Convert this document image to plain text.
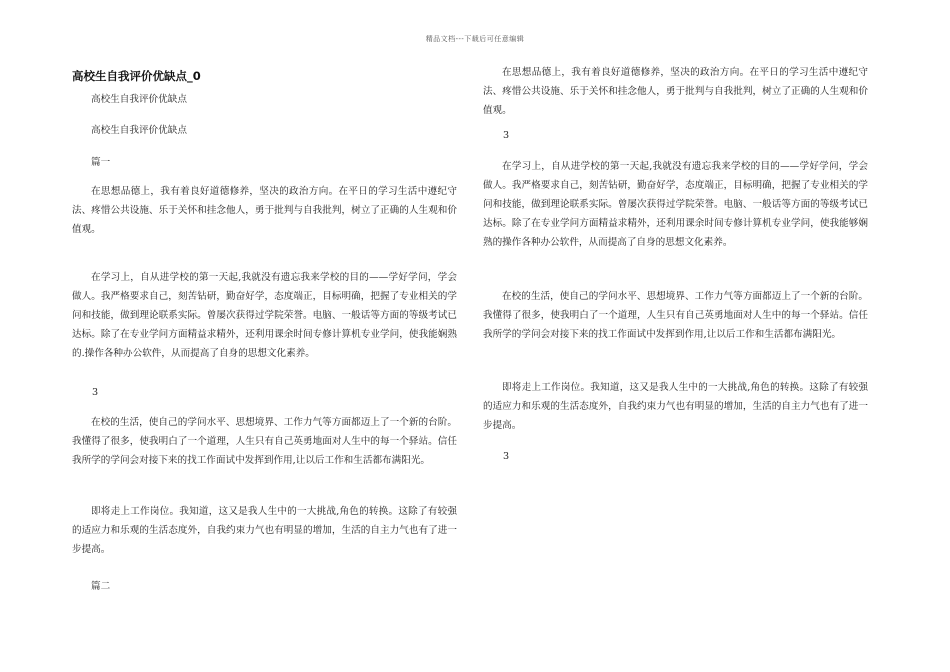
精品文档---下载后可任意编辑
高校生自我评价优缺点_0

高校生自我评价优缺点

高校生自我评价优缺点

篇一

在思想品德上，我有着良好道德修养，坚决的政治方向。在平日的学习生活中遵纪守法、疼惜公共设施、乐于关怀和挂念他人，勇于批判与自我批判，树立了正确的人生观和价值观。

在学习上，自从进学校的第一天起,我就没有遗忘我来学校的目的——学好学问，学会做人。我严格要求自己，刻苦钻研，勤奋好学，态度端正，目标明确，把握了专业相关的学问和技能，做到理论联系实际。曾屡次获得过学院荣誉。电脑、一般话等方面的等级考试已达标。除了在专业学问方面精益求精外，还利用课余时间专修计算机专业学问，使我能娴熟的.操作各种办公软件，从而提高了自身的思想文化素养。

3

在校的生活，使自己的学问水平、思想境界、工作力气等方面都迈上了一个新的台阶。我懂得了很多，使我明白了一个道理，人生只有自己英勇地面对人生中的每一个驿站。信任我所学的学问会对接下来的找工作面试中发挥到作用,让以后工作和生活都布满阳光。

即将走上工作岗位。我知道，这又是我人生中的一大挑战,角色的转换。这除了有较强的适应力和乐观的生活态度外，自我约束力气也有明显的增加，生活的自主力气也有了进一步提高。

篇二

在思想品德上，我有着良好道德修养，坚决的政治方向。在平日的学习生活中遵纪守法、疼惜公共设施、乐于关怀和挂念他人，勇于批判与自我批判，树立了正确的人生观和价值观。

3

在学习上，自从进学校的第一天起,我就没有遗忘我来学校的目的——学好学问，学会做人。我严格要求自己，刻苦钻研，勤奋好学，态度端正，目标明确，把握了专业相关的学问和技能，做到理论联系实际。曾屡次获得过学院荣誉。电脑、一般话等方面的等级考试已达标。除了在专业学问方面精益求精外，还利用课余时间专修计算机专业学问，使我能够娴熟的操作各种办公软件，从而提高了自身的思想文化素养。

在校的生活，使自己的学问水平、思想境界、工作力气等方面都迈上了一个新的台阶。我懂得了很多，使我明白了一个道理，人生只有自己英勇地面对人生中的每一个驿站。信任我所学的学问会对接下来的找工作面试中发挥到作用,让以后工作和生活都布满阳光。

即将走上工作岗位。我知道，这又是我人生中的一大挑战,角色的转换。这除了有较强的适应力和乐观的生活态度外，自我约束力气也有明显的增加，生活的自主力气也有了进一步提高。

3
